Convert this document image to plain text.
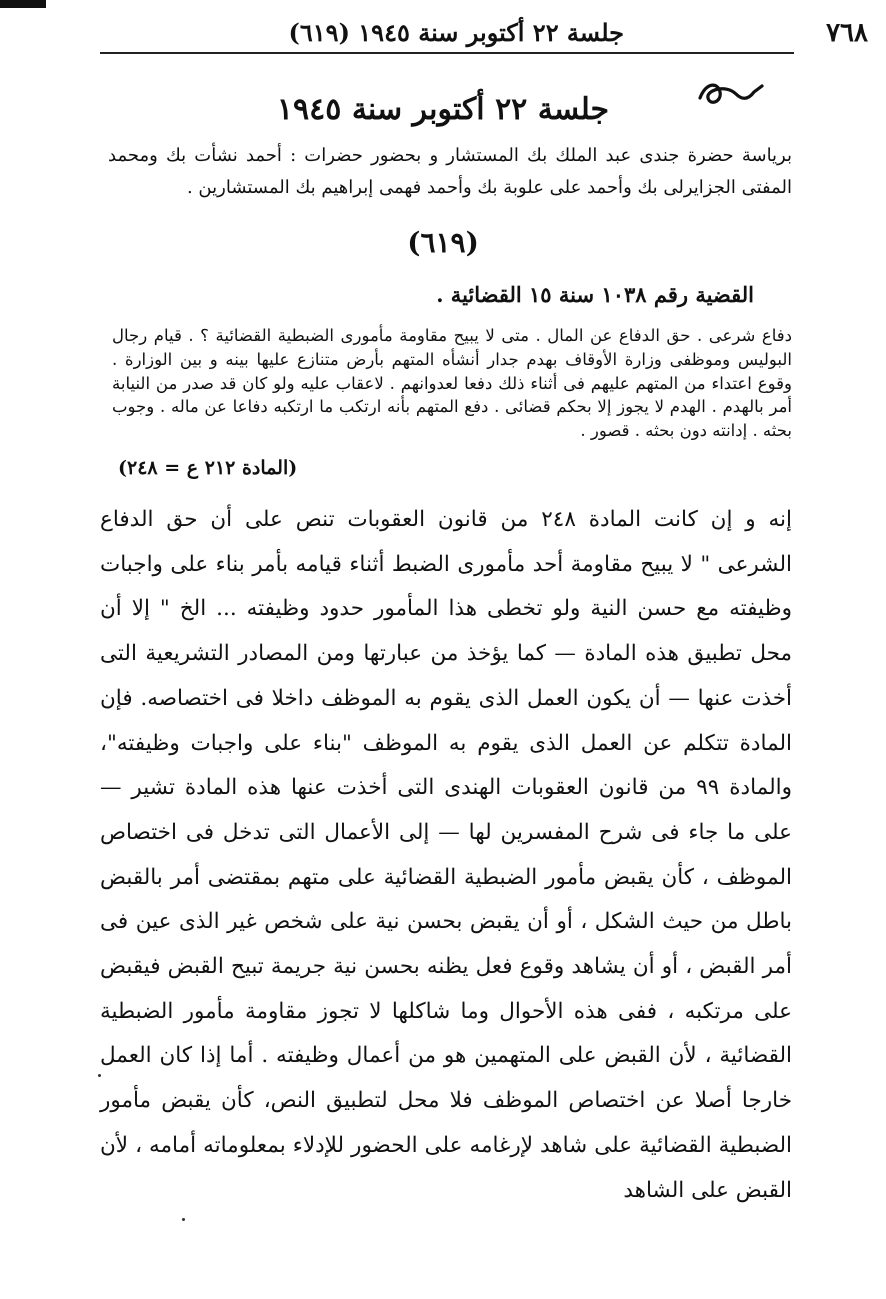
٧٦٨
جلسة ٢٢ أكتوبر سنة ١٩٤٥ (٦١٩)
جلسة ٢٢ أكتوبر سنة ١٩٤٥
برياسة حضرة جندى عبد الملك بك المستشار و بحضور حضرات : أحمد نشأت بك ومحمد المفتى الجزايرلى بك وأحمد على علوبة بك وأحمد فهمى إبراهيم بك المستشارين .
(٦١٩)
القضية رقم ١٠٣٨ سنة ١٥ القضائية .
دفاع شرعى . حق الدفاع عن المال . متى لا يبيح مقاومة مأمورى الضبطية القضائية ؟ . قيام رجال البوليس وموظفى وزارة الأوقاف بهدم جدار أنشأه المتهم بأرض متنازع عليها بينه و بين الوزارة . وقوع اعتداء من المتهم عليهم فى أثناء ذلك دفعا لعدوانهم . لاعقاب عليه ولو كان قد صدر من النيابة أمر بالهدم . الهدم لا يجوز إلا بحكم قضائى . دفع المتهم بأنه ارتكب ما ارتكبه دفاعا عن ماله . وجوب بحثه . إدانته دون بحثه . قصور .
(المادة ٢١٢ ع = ٢٤٨)
إنه و إن كانت المادة ٢٤٨ من قانون العقوبات تنص على أن حق الدفاع الشرعى " لا يبيح مقاومة أحد مأمورى الضبط أثناء قيامه بأمر بناء على واجبات وظيفته مع حسن النية ولو تخطى هذا المأمور حدود وظيفته ... الخ " إلا أن محل تطبيق هذه المادة — كما يؤخذ من عبارتها ومن المصادر التشريعية التى أخذت عنها — أن يكون العمل الذى يقوم به الموظف داخلا فى اختصاصه. فإن المادة تتكلم عن العمل الذى يقوم به الموظف "بناء على واجبات وظيفته"، والمادة ٩٩ من قانون العقوبات الهندى التى أخذت عنها هذه المادة تشير — على ما جاء فى شرح المفسرين لها — إلى الأعمال التى تدخل فى اختصاص الموظف ، كأن يقبض مأمور الضبطية القضائية على متهم بمقتضى أمر بالقبض باطل من حيث الشكل ، أو أن يقبض بحسن نية على شخص غير الذى عين فى أمر القبض ، أو أن يشاهد وقوع فعل يظنه بحسن نية جريمة تبيح القبض فيقبض على مرتكبه ، ففى هذه الأحوال وما شاكلها لا تجوز مقاومة مأمور الضبطية القضائية ، لأن القبض على المتهمين هو من أعمال وظيفته . أما إذا كان العمل خارجا أصلا عن اختصاص الموظف فلا محل لتطبيق النص، كأن يقبض مأمور الضبطية القضائية على شاهد لإرغامه على الحضور للإدلاء بمعلوماته أمامه ، لأن القبض على الشاهد
